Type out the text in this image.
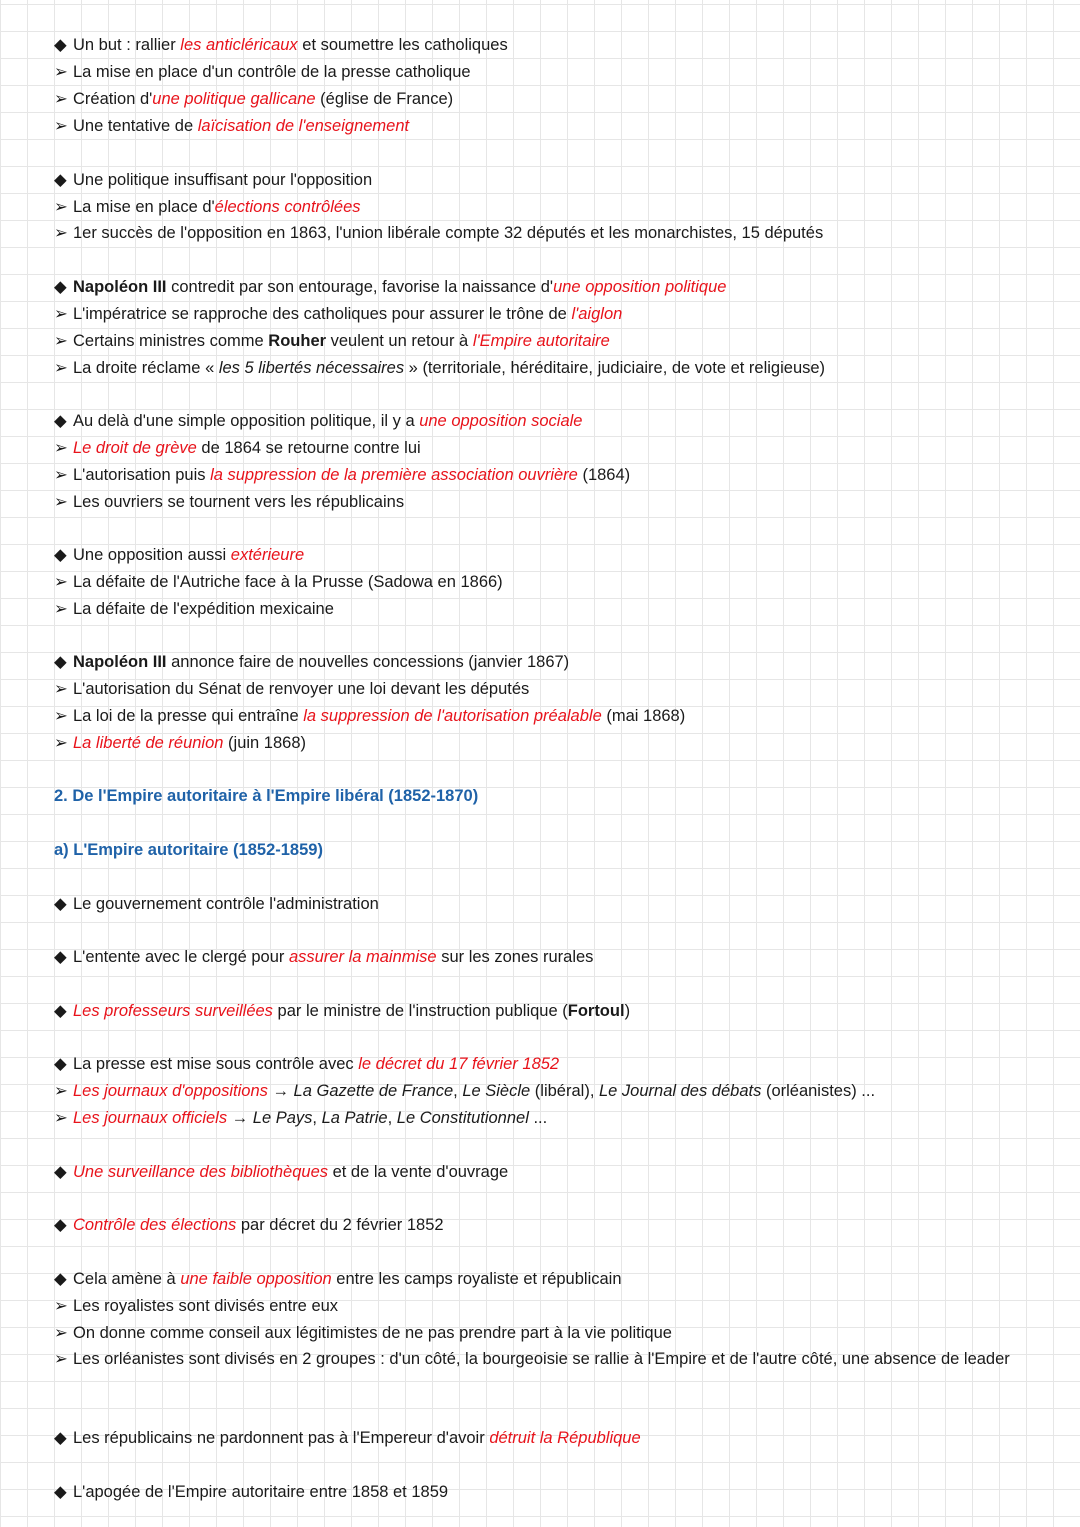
◆ Un but : rallier les anticléricaux et soumettre les catholiques
➢ La mise en place d'un contrôle de la presse catholique
➢ Création d'une politique gallicane (église de France)
➢ Une tentative de laïcisation de l'enseignement
◆ Une politique insuffisant pour l'opposition
➢ La mise en place d'élections contrôlées
➢ 1er succès de l'opposition en 1863, l'union libérale compte 32 députés et les monarchistes, 15 députés
◆ Napoléon III contredit par son entourage, favorise la naissance d'une opposition politique
➢ L'impératrice se rapproche des catholiques pour assurer le trône de l'aiglon
➢ Certains ministres comme Rouher veulent un retour à l'Empire autoritaire
➢ La droite réclame « les 5 libertés nécessaires » (territoriale, héréditaire, judiciaire, de vote et religieuse)
◆ Au delà d'une simple opposition politique, il y a une opposition sociale
➢ Le droit de grève de 1864 se retourne contre lui
➢ L'autorisation puis la suppression de la première association ouvrière (1864)
➢ Les ouvriers se tournent vers les républicains
◆ Une opposition aussi extérieure
➢ La défaite de l'Autriche face à la Prusse (Sadowa en 1866)
➢ La défaite de l'expédition mexicaine
◆ Napoléon III annonce faire de nouvelles concessions (janvier 1867)
➢ L'autorisation du Sénat de renvoyer une loi devant les députés
➢ La loi de la presse qui entraîne la suppression de l'autorisation préalable (mai 1868)
➢ La liberté de réunion (juin 1868)
2. De l'Empire autoritaire à l'Empire libéral (1852-1870)
a) L'Empire autoritaire (1852-1859)
◆ Le gouvernement contrôle l'administration
◆ L'entente avec le clergé pour assurer la mainmise sur les zones rurales
◆ Les professeurs surveillées par le ministre de l'instruction publique (Fortoul)
◆ La presse est mise sous contrôle avec le décret du 17 février 1852
➢ Les journaux d'oppositions → La Gazette de France, Le Siècle (libéral), Le Journal des débats (orléanistes) ...
➢ Les journaux officiels → Le Pays, La Patrie, Le Constitutionnel ...
◆ Une surveillance des bibliothèques et de la vente d'ouvrage
◆ Contrôle des élections par décret du 2 février 1852
◆ Cela amène à une faible opposition entre les camps royaliste et républicain
➢ Les royalistes sont divisés entre eux
➢ On donne comme conseil aux légitimistes de ne pas prendre part à la vie politique
➢ Les orléanistes sont divisés en 2 groupes : d'un côté, la bourgeoisie se rallie à l'Empire et de l'autre côté, une absence de leader
◆ Les républicains ne pardonnent pas à l'Empereur d'avoir détruit la République
◆ L'apogée de l'Empire autoritaire entre 1858 et 1859
